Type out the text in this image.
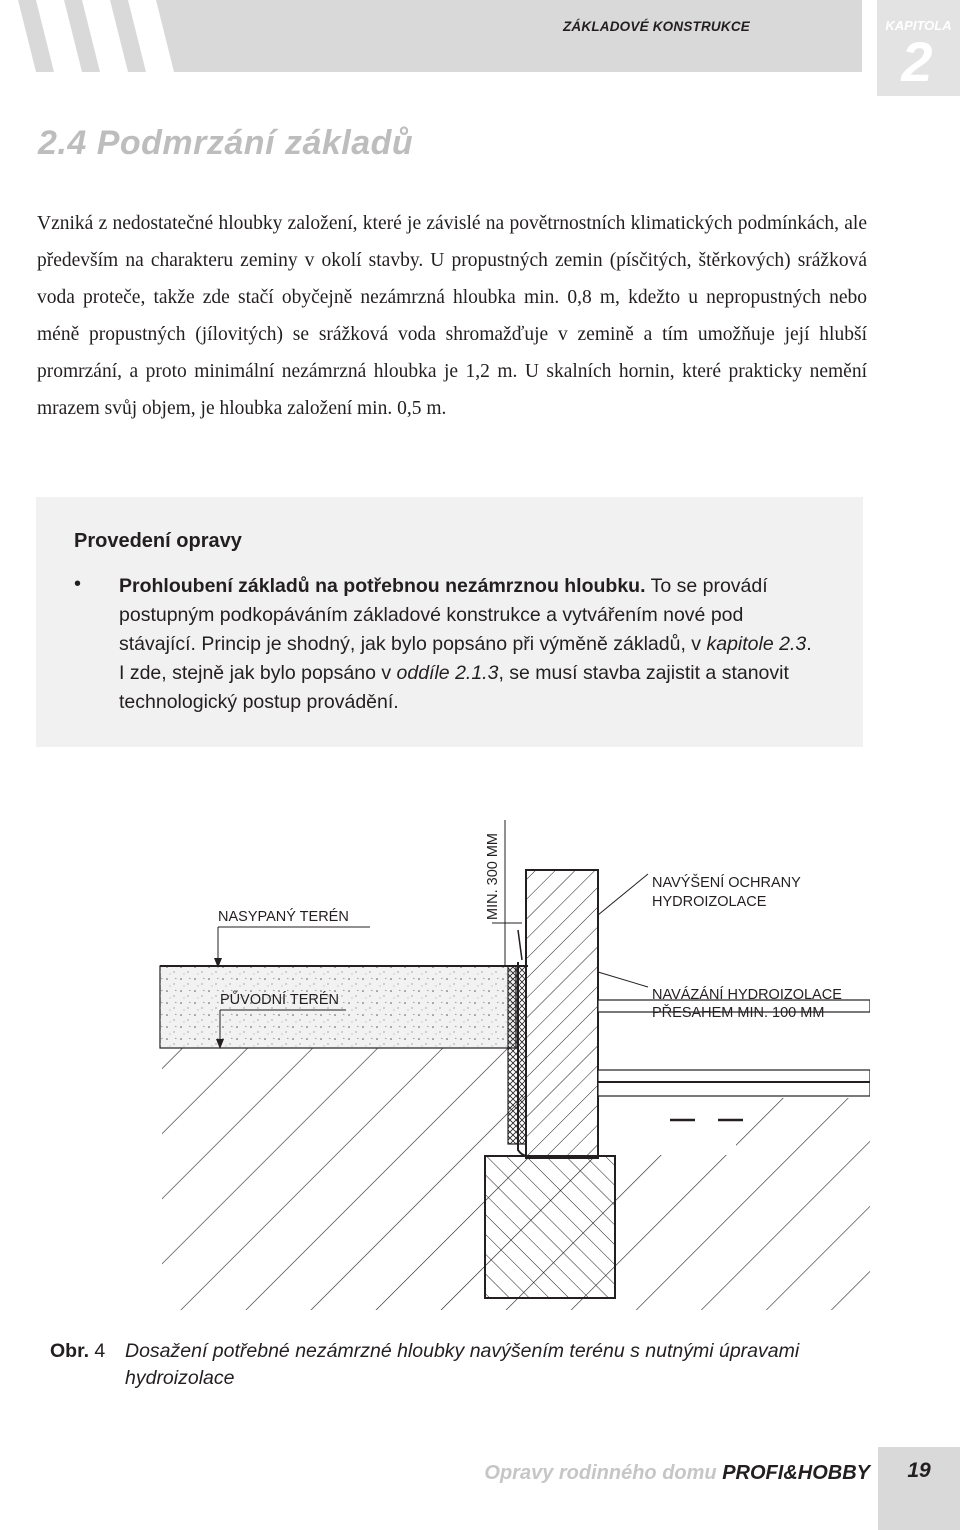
ZÁKLADOVÉ KONSTRUKCE	KAPITOLA
2
2.4 Podmrzání základů
Vzniká z nedostatečné hloubky založení, které je závislé na povětrnostních klimatických podmínkách, ale především na charakteru zeminy v okolí stavby. U propustných zemin (písčitých, štěrkových) srážková voda proteče, takže zde stačí obyčejně nezámrzná hloubka min. 0,8 m, kdežto u nepropustných nebo méně propustných (jílovitých) se srážková voda shromažďuje v zemině a tím umožňuje její hlubší promrzání, a proto minimální nezámrzná hloubka je 1,2 m. U skalních hornin, které prakticky nemění mrazem svůj objem, je hloubka založení min. 0,5 m.
Provedení opravy
• Prohloubení základů na potřebnou nezámrznou hloubku. To se provádí postupným podkopáváním základové konstrukce a vytvářením nové pod stávající. Princip je shodný, jak bylo popsáno při výměně základů, v kapitole 2.3. I zde, stejně jak bylo popsáno v oddíle 2.1.3, se musí stavba zajistit a stanovit technologický postup provádění.
NASYPANÝ TERÉN
PŮVODNÍ TERÉN
MIN. 300 MM	NAVÝŠENÍ OCHRANY
HYDROIZOLACE
NAVÁZÁNÍ HYDROIZOLACE
PŘESAHEM MIN. 100 MM
Obr. 4 Dosažení potřebné nezámrzné hloubky navýšením terénu s nutnými úpravami hydroizolace
Opravy rodinného domu PROFI&HOBBY	19
